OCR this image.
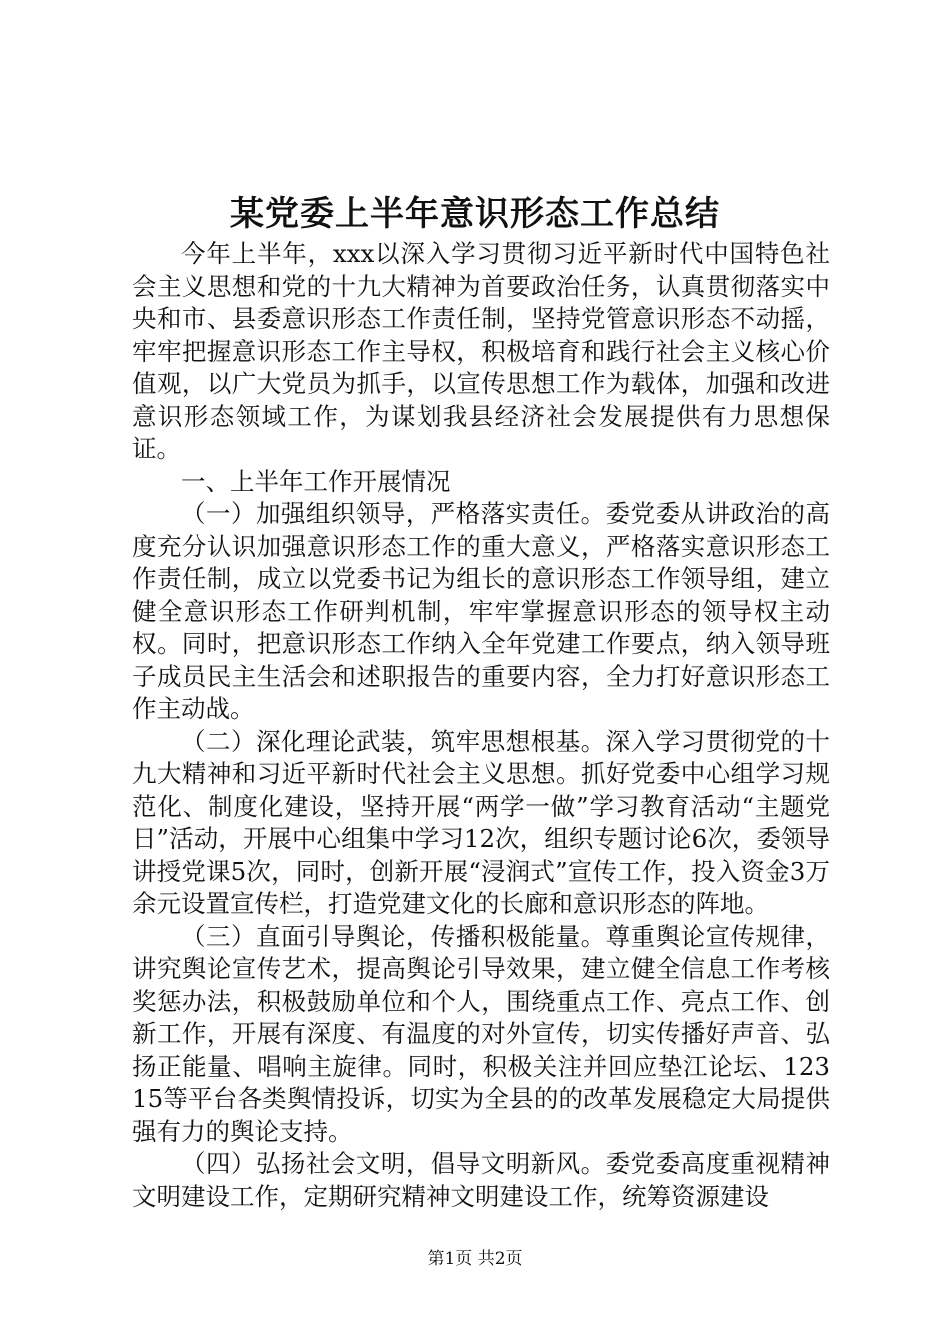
某党委上半年意识形态工作总结

今年上半年，xxx以深入学习贯彻习近平新时代中国特色社会主义思想和党的十九大精神为首要政治任务，认真贯彻落实中央和市、县委意识形态工作责任制，坚持党管意识形态不动摇，牢牢把握意识形态工作主导权，积极培育和践行社会主义核心价值观，以广大党员为抓手，以宣传思想工作为载体，加强和改进意识形态领域工作，为谋划我县经济社会发展提供有力思想保证。

一、上半年工作开展情况

（一）加强组织领导，严格落实责任。委党委从讲政治的高度充分认识加强意识形态工作的重大意义，严格落实意识形态工作责任制，成立以党委书记为组长的意识形态工作领导组，建立健全意识形态工作研判机制，牢牢掌握意识形态的领导权主动权。同时，把意识形态工作纳入全年党建工作要点，纳入领导班子成员民主生活会和述职报告的重要内容，全力打好意识形态工作主动战。

（二）深化理论武装，筑牢思想根基。深入学习贯彻党的十九大精神和习近平新时代社会主义思想。抓好党委中心组学习规范化、制度化建设，坚持开展“两学一做”学习教育活动“主题党日”活动，开展中心组集中学习12次，组织专题讨论6次，委领导讲授党课5次，同时，创新开展“浸润式”宣传工作，投入资金3万余元设置宣传栏，打造党建文化的长廊和意识形态的阵地。

（三）直面引导舆论，传播积极能量。尊重舆论宣传规律，讲究舆论宣传艺术，提高舆论引导效果，建立健全信息工作考核奖惩办法，积极鼓励单位和个人，围绕重点工作、亮点工作、创新工作，开展有深度、有温度的对外宣传，切实传播好声音、弘扬正能量、唱响主旋律。同时，积极关注并回应垫江论坛、12315等平台各类舆情投诉，切实为全县的的改革发展稳定大局提供强有力的舆论支持。

（四）弘扬社会文明，倡导文明新风。委党委高度重视精神文明建设工作，定期研究精神文明建设工作，统筹资源建设

第1页 共2页
